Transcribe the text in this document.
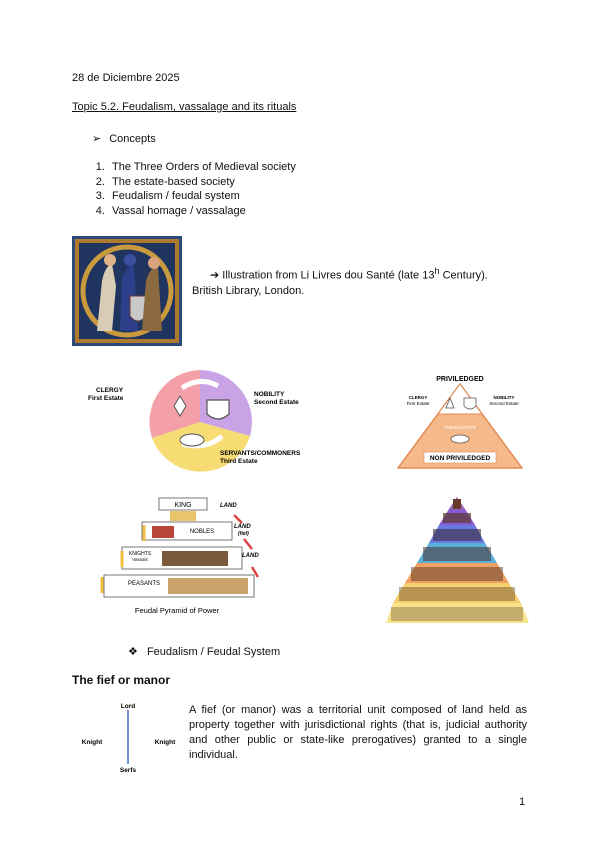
28 de Diciembre 2025
Topic 5.2. Feudalism, vassalage and its rituals
➢ Concepts
1. The Three Orders of Medieval society
2. The estate-based society
3. Feudalism / feudal system
4. Vassal homage / vassalage
➔ Illustration from Li Livres dou Santé (late 13$^h$ Century).
British Library, London.
CLERGY
First Estate
NOBILITY
Second Estate
SERVANTS/COMMONERS
Third Estate
PRIVILEDGED
CLERGY
First Estate
NOBILITY
Second Estate
THIRD ESTATE
NON PRIVILEDGED
KING
NOBLES
KNIGHTS
Vassals
PEASANTS
LAND
LAND
(fief)
LAND
Feudal Pyramid of Power
❖ Feudalism / Feudal System
The fief or manor
Lord
Knight	Knight
Serfs
A fief (or manor) was a territorial unit composed of land held as property together with jurisdictional rights (that is, judicial authority and other public or state-like prerogatives) granted to a single individual.
1
